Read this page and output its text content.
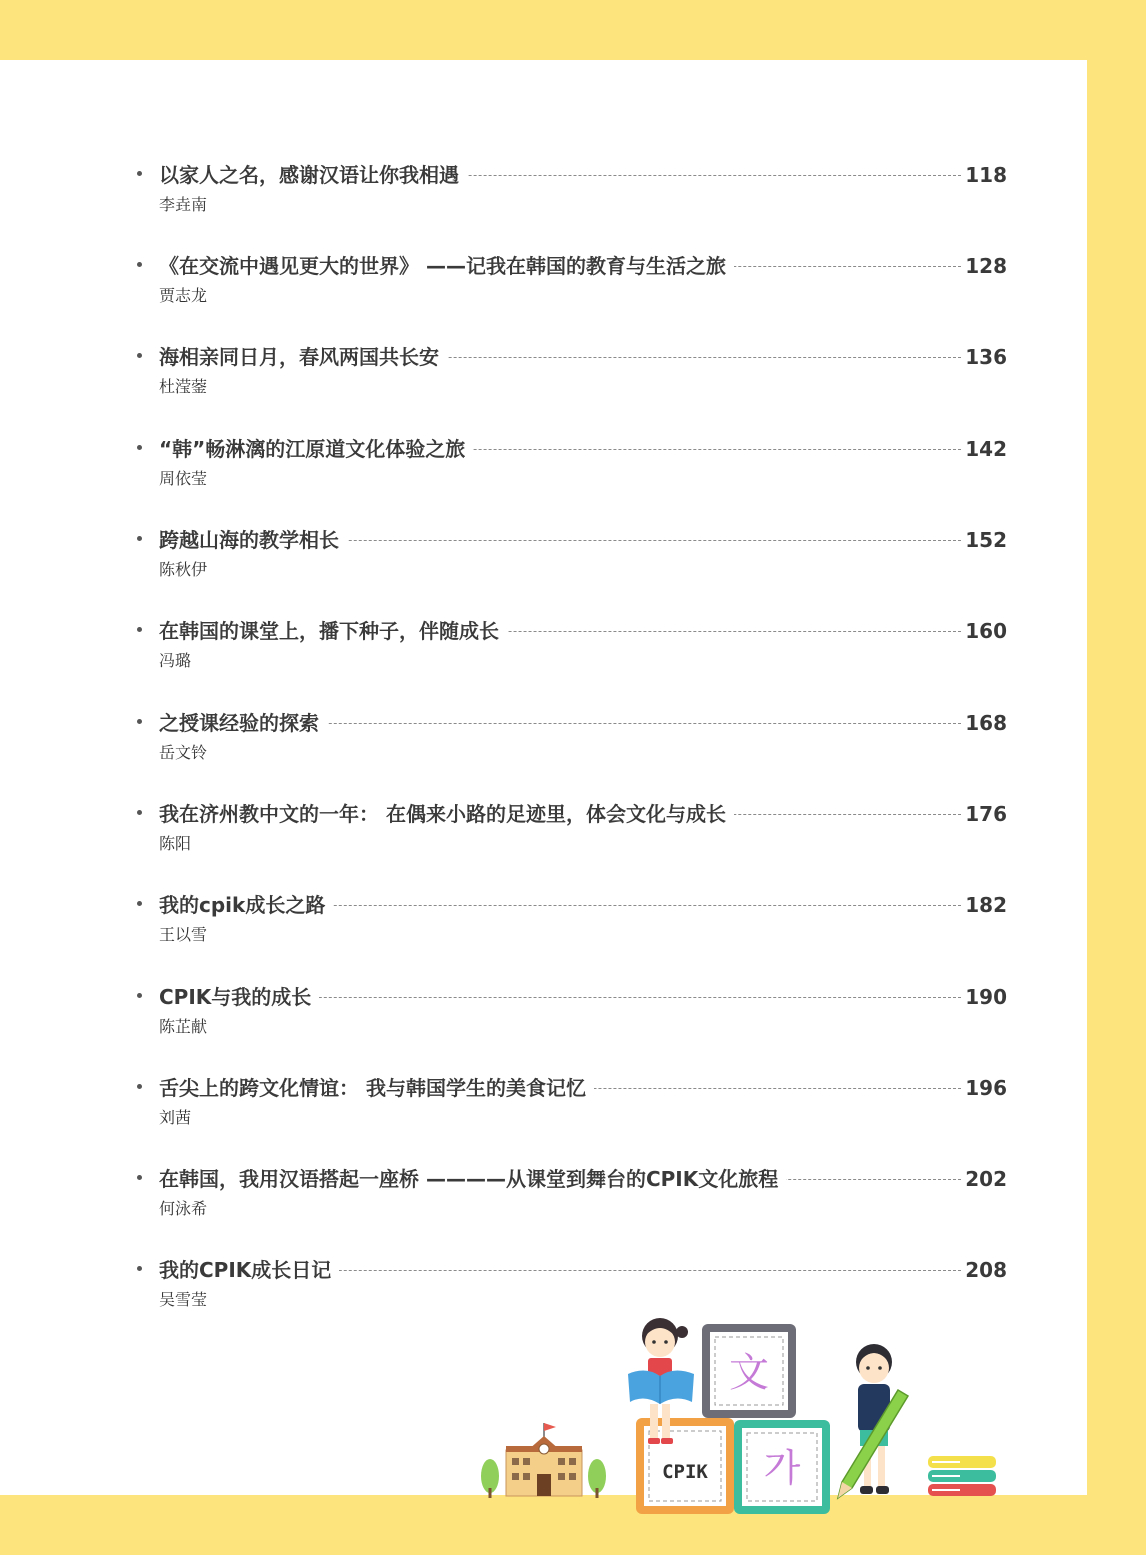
以家人之名，感谢汉语让你我相遇	118
李垚南
《在交流中遇见更大的世界》 ——记我在韩国的教育与生活之旅	128
贾志龙
海相亲同日月，春风两国共长安	136
杜滢蓥
“韩”畅淋漓的江原道文化体验之旅	142
周依莹
跨越山海的教学相长	152
陈秋伊
在韩国的课堂上，播下种子，伴随成长	160
冯璐
之授课经验的探索	168
岳文铃
我在济州教中文的一年： 在偶来小路的足迹里，体会文化与成长	176
陈阳
我的cpik成长之路	182
王以雪
CPIK与我的成长	190
陈芷献
舌尖上的跨文化情谊： 我与韩国学生的美食记忆	196
刘茜
在韩国，我用汉语搭起一座桥 ————从课堂到舞台的CPIK文化旅程	202
何泳希
我的CPIK成长日记	208
吴雪莹
文
CPIK 가
